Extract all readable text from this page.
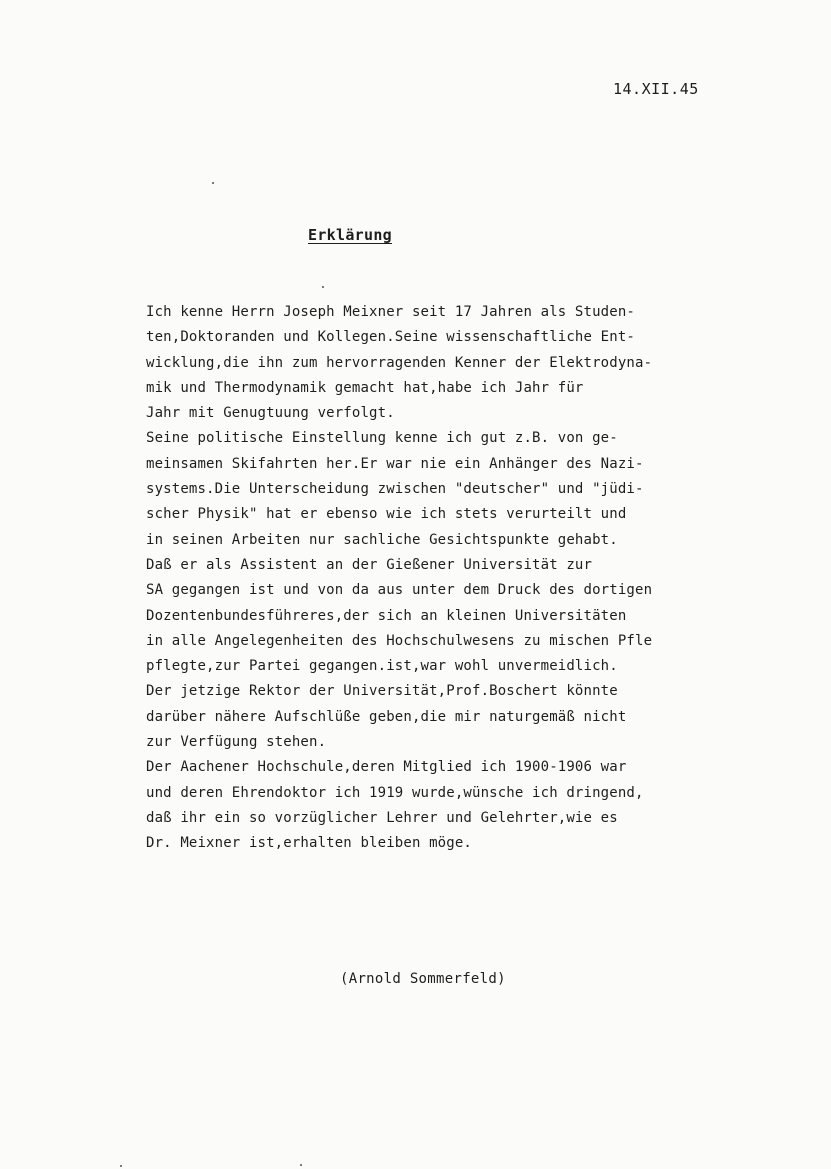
14.XII.45
Erklärung
Ich kenne Herrn Joseph Meixner seit 17 Jahren als Studen-
ten,Doktoranden und Kollegen.Seine wissenschaftliche Ent-
wicklung,die ihn zum hervorragenden Kenner der Elektrodyna-
mik und Thermodynamik gemacht hat,habe ich Jahr für
Jahr mit Genugtuung verfolgt.
Seine politische Einstellung kenne ich gut z.B. von ge-
meinsamen Skifahrten her.Er war nie ein Anhänger des Nazi-
systems.Die Unterscheidung zwischen "deutscher" und "jüdi-
scher Physik" hat er ebenso wie ich stets verurteilt und
in seinen Arbeiten nur sachliche Gesichtspunkte gehabt.
Daß er als Assistent an der Gießener Universität zur
SA gegangen ist und von da aus unter dem Druck des dortigen
Dozentenbundesführeres,der sich an kleinen Universitäten
in alle Angelegenheiten des Hochschulwesens zu mischen Pfle
pflegte,zur Partei gegangen.ist,war wohl unvermeidlich.
Der jetzige Rektor der Universität,Prof.Boschert könnte
darüber nähere Aufschlüße geben,die mir naturgemäß nicht
zur Verfügung stehen.
Der Aachener Hochschule,deren Mitglied ich 1900-1906 war
und deren Ehrendoktor ich 1919 wurde,wünsche ich dringend,
daß ihr ein so vorzüglicher Lehrer und Gelehrter,wie es
Dr. Meixner ist,erhalten bleiben möge.
(Arnold Sommerfeld)
